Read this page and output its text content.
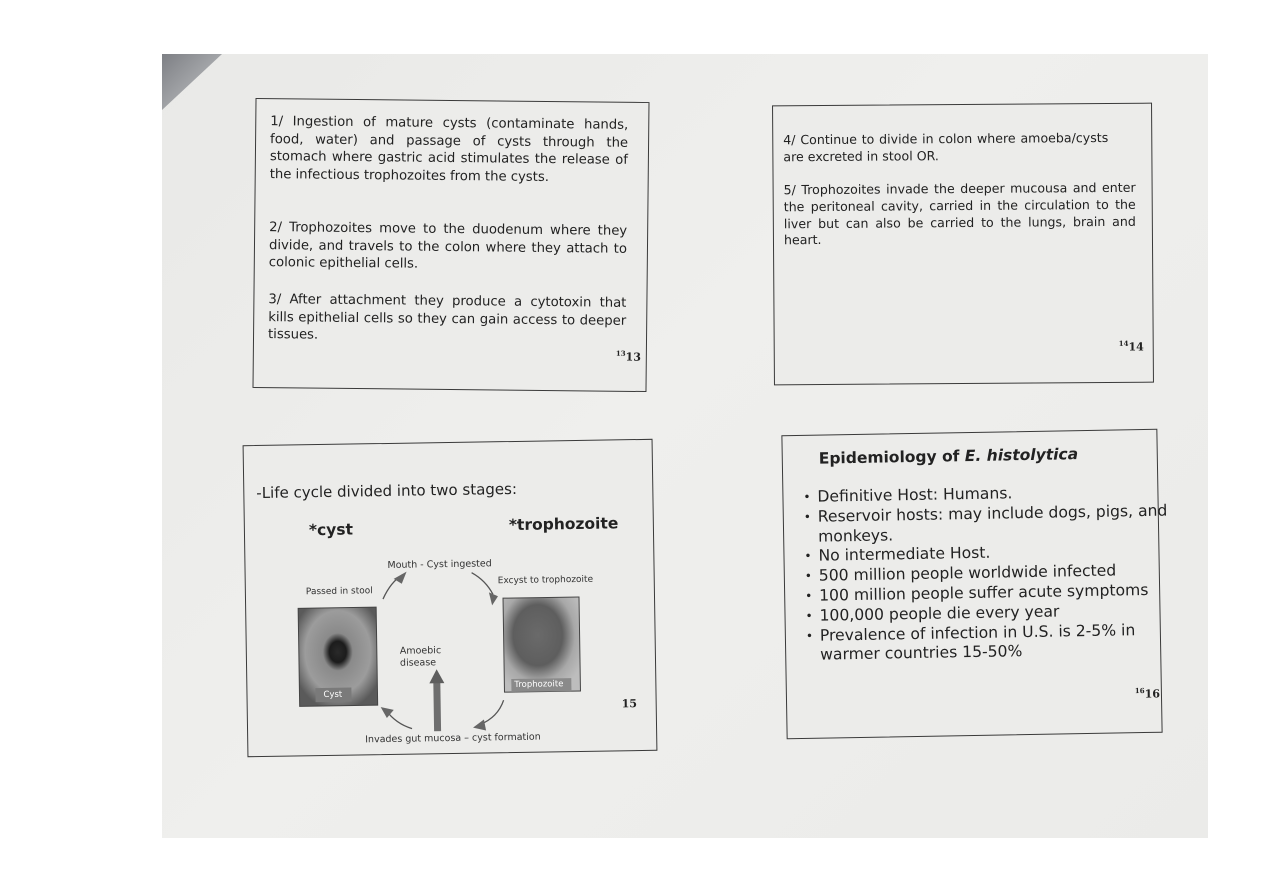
1/ Ingestion of mature cysts (contaminate hands, food, water) and passage of cysts through the stomach where gastric acid stimulates the release of the infectious trophozoites from the cysts.

2/ Trophozoites move to the duodenum where they divide, and travels to the colon where they attach to colonic epithelial cells.

3/ After attachment they produce a cytotoxin that kills epithelial cells so they can gain access to deeper tissues.

$^{13}$13

4/ Continue to divide in colon where amoeba/cysts are excreted in stool OR.

5/ Trophozoites invade the deeper mucousa and enter the peritoneal cavity, carried in the circulation to the liver but can also be carried to the lungs, brain and heart.

$^{14}$14
-Life cycle divided into two stages:
*cyst	*trophozoite
Mouth - Cyst ingested
Passed in stool
Excyst to trophozoite
Amoebic
disease
Invades gut mucosa – cyst formation
Cyst
Trophozoite
15
Epidemiology of E. histolytica
• Definitive Host: Humans.
• Reservoir hosts: may include dogs, pigs, and monkeys.
• No intermediate Host.
• 500 million people worldwide infected
• 100 million people suffer acute symptoms
• 100,000 people die every year
• Prevalence of infection in U.S. is 2-5% in warmer countries 15-50%
$^{16}$16
